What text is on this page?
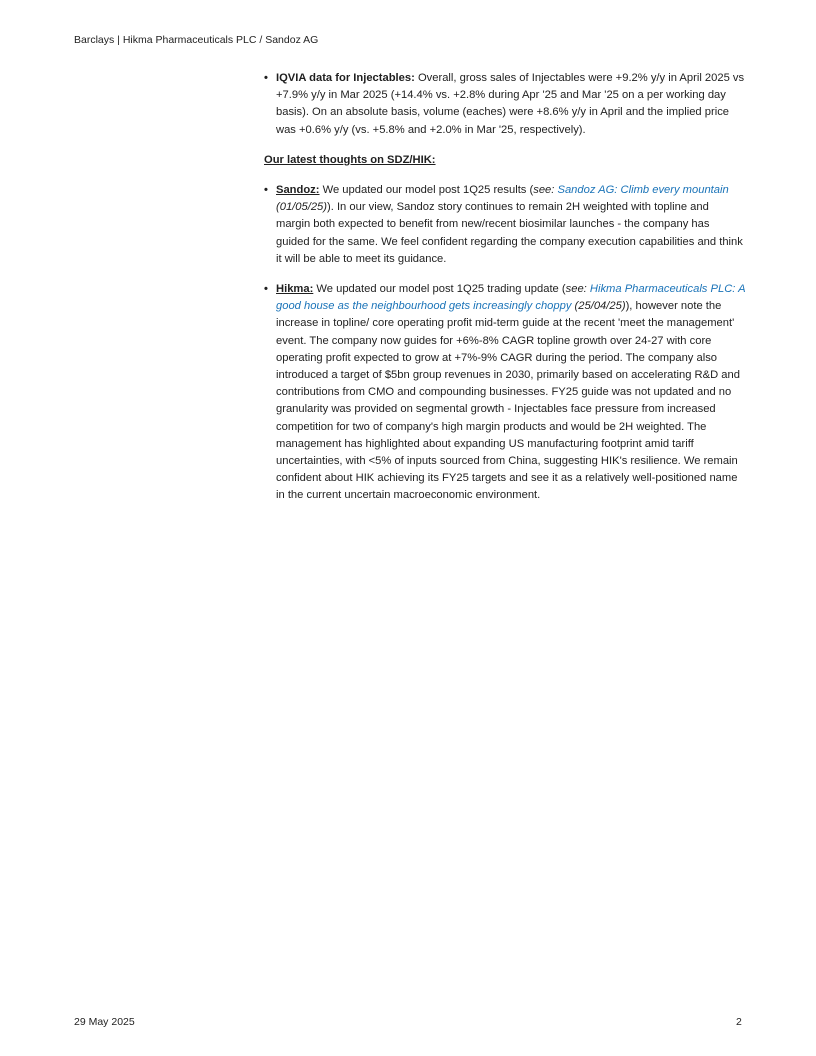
Barclays | Hikma Pharmaceuticals PLC / Sandoz AG
• IQVIA data for Injectables: Overall, gross sales of Injectables were +9.2% y/y in April 2025 vs +7.9% y/y in Mar 2025 (+14.4% vs. +2.8% during Apr '25 and Mar '25 on a per working day basis). On an absolute basis, volume (eaches) were +8.6% y/y in April and the implied price was +0.6% y/y (vs. +5.8% and +2.0% in Mar '25, respectively).
Our latest thoughts on SDZ/HIK:
• Sandoz: We updated our model post 1Q25 results (see: Sandoz AG: Climb every mountain (01/05/25)). In our view, Sandoz story continues to remain 2H weighted with topline and margin both expected to benefit from new/recent biosimilar launches - the company has guided for the same. We feel confident regarding the company execution capabilities and think it will be able to meet its guidance.
• Hikma: We updated our model post 1Q25 trading update (see: Hikma Pharmaceuticals PLC: A good house as the neighbourhood gets increasingly choppy (25/04/25)), however note the increase in topline/ core operating profit mid-term guide at the recent 'meet the management' event. The company now guides for +6%-8% CAGR topline growth over 24-27 with core operating profit expected to grow at +7%-9% CAGR during the period. The company also introduced a target of $5bn group revenues in 2030, primarily based on accelerating R&D and contributions from CMO and compounding businesses. FY25 guide was not updated and no granularity was provided on segmental growth - Injectables face pressure from increased competition for two of company's high margin products and would be 2H weighted. The management has highlighted about expanding US manufacturing footprint amid tariff uncertainties, with <5% of inputs sourced from China, suggesting HIK's resilience. We remain confident about HIK achieving its FY25 targets and see it as a relatively well-positioned name in the current uncertain macroeconomic environment.
29 May 2025	2
